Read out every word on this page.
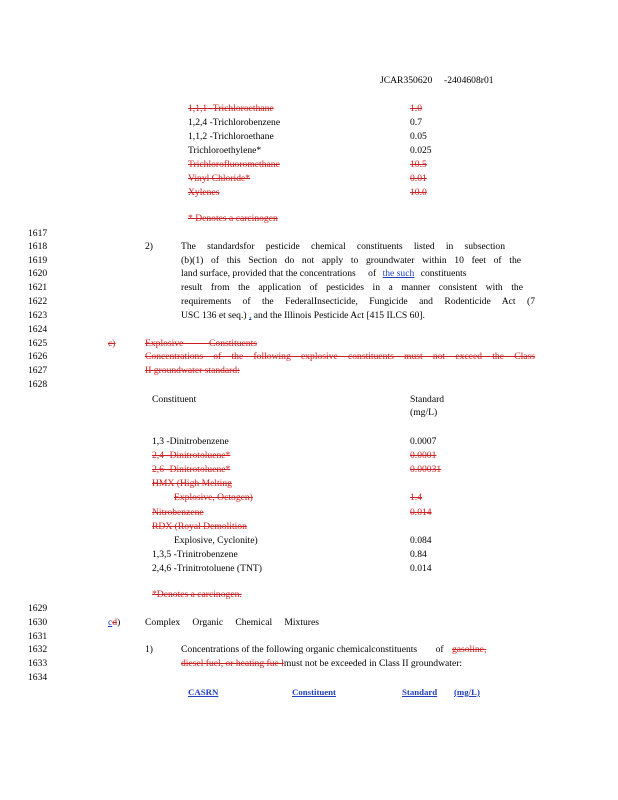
JCAR350620 -2404608r01
1,1,1 -Trichloroethane	1.0
1,2,4 -Trichlorobenzene	0.7
1,1,2 -Trichloroethane	0.05
Trichloroethylene*	0.025
Trichlorofluoromethane	10.5
Vinyl Chloride*	0.01
Xylenes	10.0
* Denotes a carcinogen
1617
1618
1619
1620
1621
1622
1623
1624
1625
1626
1627
1628
1629
1630
1631
1632
1633
1634
2)	The standardsfor pesticide chemical constituents listed in subsection
(b)(1) of this Section do not apply to groundwater within 10 feet of the
land surface, provided that the concentrations of the such constituents
result from the application of pesticides in a manner consistent with the
requirements of the FederalInsecticide, Fungicide and Rodenticide Act (7
USC 136 et seq.) , and the Illinois Pesticide Act [415 ILCS 60].
c)	Explosive Constituents
Concentrations of the following explosive constituents must not exceed the Class
II groundwater standard:
Constituent	Standard
(mg/L)
1,3 -Dinitrobenzene	0.0007
2,4 -Dinitrotoluene*	0.0001
2,6 -Dinitrotoluene*	0.00031
HMX (High Melting
Explosive, Octogen)	1.4
Nitrobenzene	0.014
RDX (Royal Demolition
Explosive, Cyclonite)	0.084
1,3,5 -Trinitrobenzene	0.84
2,4,6 -Trinitrotoluene (TNT)	0.014
*Denotes a carcinogen.
cd)	Complex Organic Chemical Mixtures
1)	Concentrations of the following organic chemicalconstituents of gasoline,
diesel fuel, or heating fue lmust not be exceeded in Class II groundwater:
CASRN	Constituent	Standard	(mg/L)
